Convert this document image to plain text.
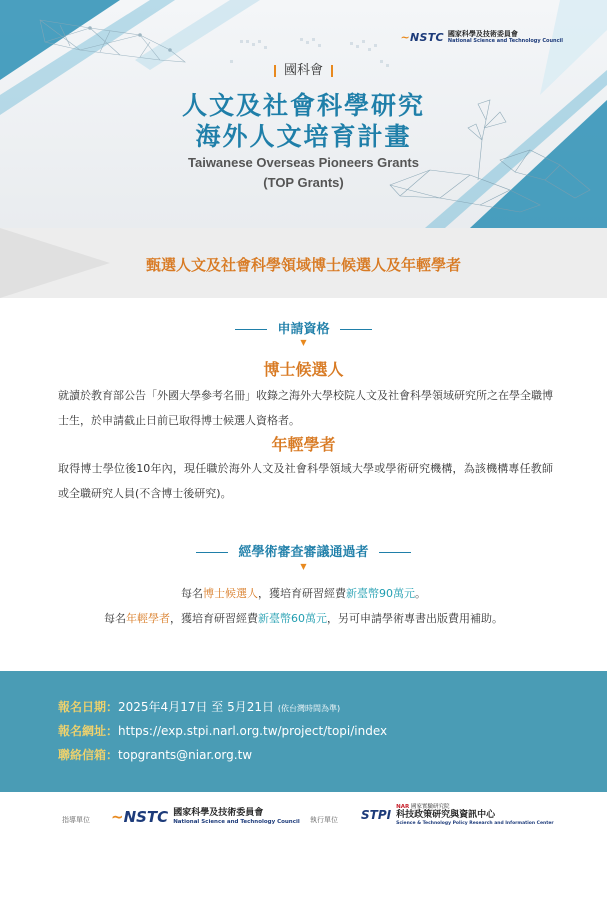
~NSTC 國家科學及技術委員會
National Science and Technology Council
國科會
人文及社會科學研究
海外人文培育計畫
Taiwanese Overseas Pioneers Grants
(TOP Grants)
甄選人文及社會科學領域博士候選人及年輕學者
申請資格
▼
博士候選人
就讀於教育部公告「外國大學參考名冊」收錄之海外大學校院人文及社會科學領域研究所之在學全職博士生，於申請截止日前已取得博士候選人資格者。
年輕學者
取得博士學位後10年內，現任職於海外人文及社會科學領域大學或學術研究機構，為該機構專任教師或全職研究人員(不含博士後研究)。
經學術審查審議通過者
▼
每名博士候選人，獲培育研習經費新臺幣90萬元。
每名年輕學者，獲培育研習經費新臺幣60萬元，另可申請學術專書出版費用補助。
報名日期：2025年4月17日 至 5月21日 (依台灣時間為準)
報名網址：https://exp.stpi.narl.org.tw/project/topi/index
聯絡信箱：topgrants@niar.org.tw
指導單位 ~NSTC 國家科學及技術委員會
National Science and Technology Council 執行單位 STPI
NAR 國家實驗研究院
科技政策研究與資訊中心
Science & Technology Policy Research and Information Center
